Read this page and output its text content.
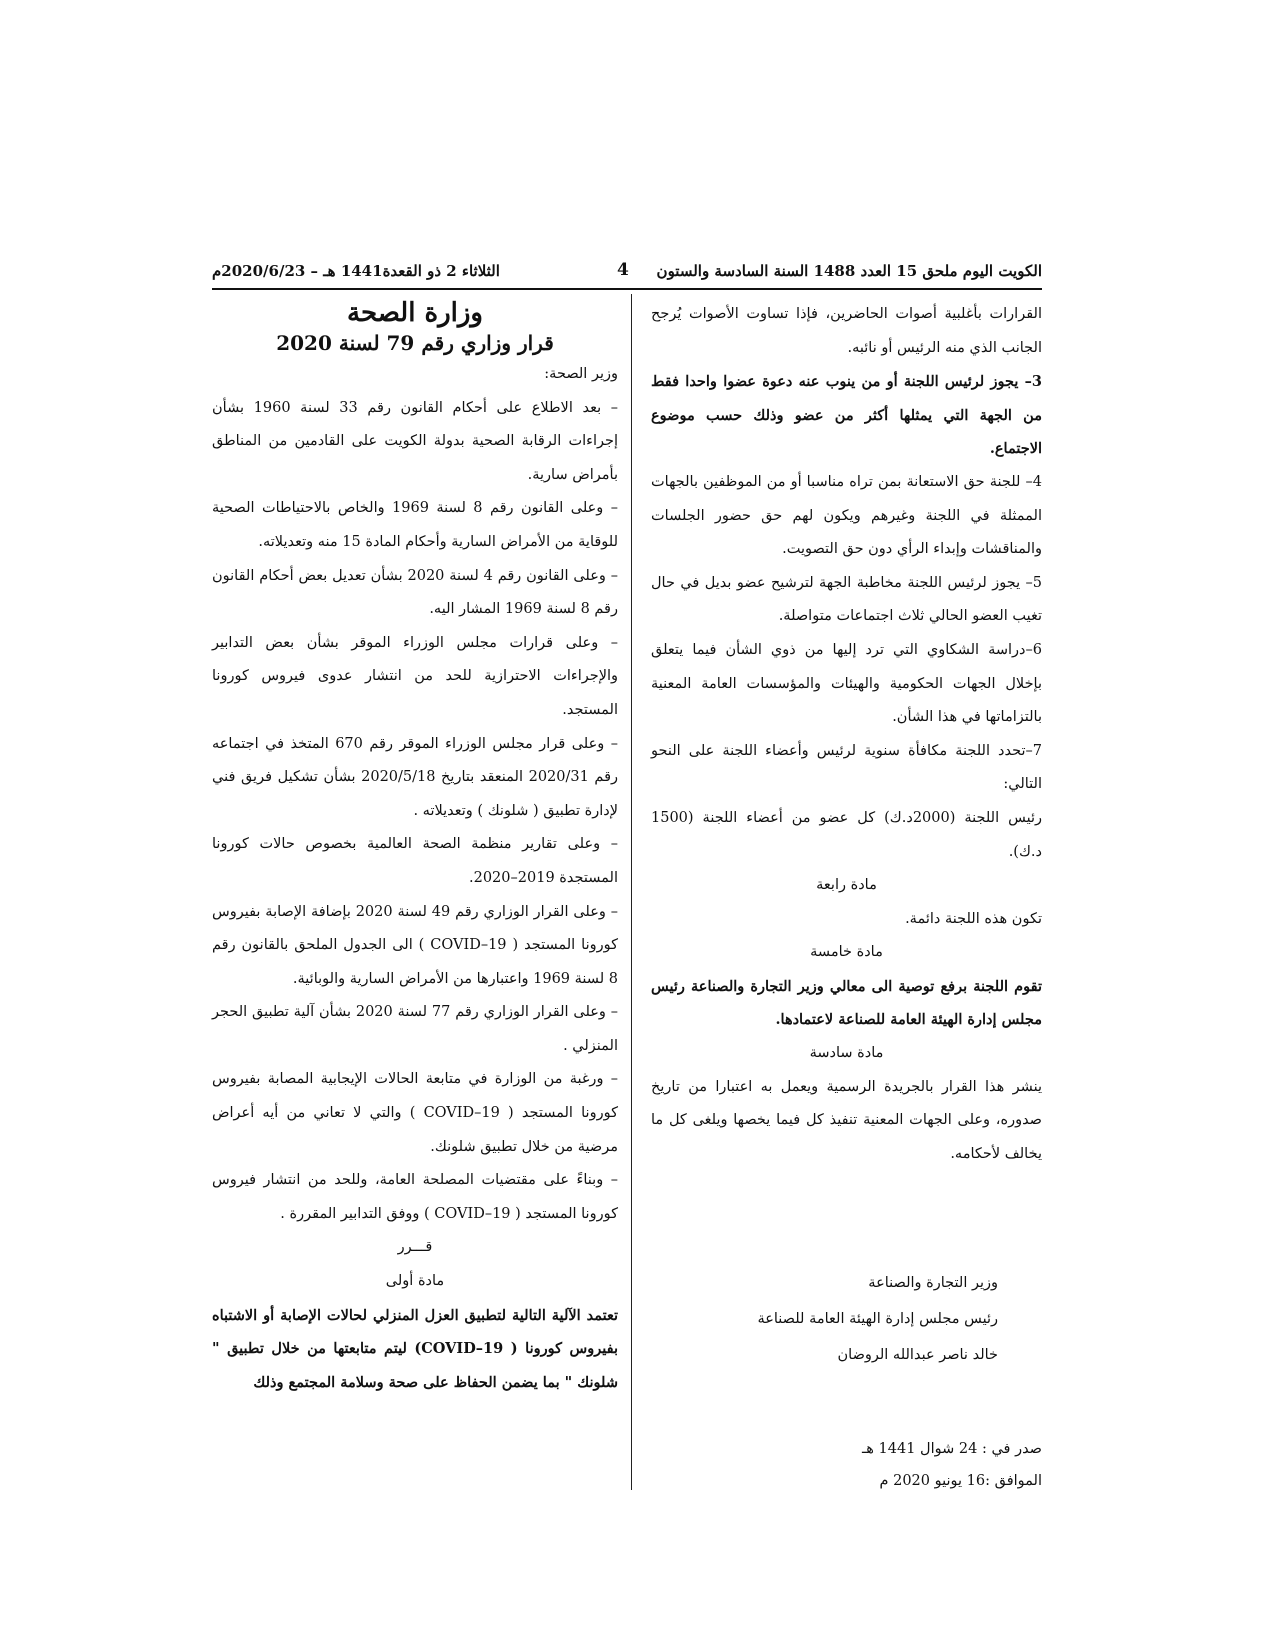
الكويت اليوم ملحق 15 العدد 1488 السنة السادسة والستون
4
الثلاثاء 2 ذو القعدة1441 هـ – 2020/6/23م

القرارات بأغلبية أصوات الحاضرين، فإذا تساوت الأصوات يُرجح الجانب الذي منه الرئيس أو نائبه.

3– يجوز لرئيس اللجنة أو من ينوب عنه دعوة عضوا واحدا فقط من الجهة التي يمثلها أكثر من عضو وذلك حسب موضوع الاجتماع.

4– للجنة حق الاستعانة بمن تراه مناسبا أو من الموظفين بالجهات الممثلة في اللجنة وغيرهم ويكون لهم حق حضور الجلسات والمناقشات وإبداء الرأي دون حق التصويت.

5– يجوز لرئيس اللجنة مخاطبة الجهة لترشيح عضو بديل في حال تغيب العضو الحالي ثلاث اجتماعات متواصلة.

6–دراسة الشكاوي التي ترد إليها من ذوي الشأن فيما يتعلق بإخلال الجهات الحكومية والهيئات والمؤسسات العامة المعنية بالتزاماتها في هذا الشأن.

7–تحدد اللجنة مكافأة سنوية لرئيس وأعضاء اللجنة على النحو التالي:

رئيس اللجنة (2000د.ك) كل عضو من أعضاء اللجنة (1500 د.ك).

مادة رابعة

تكون هذه اللجنة دائمة.

مادة خامسة

تقوم اللجنة برفع توصية الى معالي وزير التجارة والصناعة رئيس مجلس إدارة الهيئة العامة للصناعة لاعتمادها.

مادة سادسة

ينشر هذا القرار بالجريدة الرسمية ويعمل به اعتبارا من تاريخ صدوره، وعلى الجهات المعنية تنفيذ كل فيما يخصها ويلغى كل ما يخالف لأحكامه.

وزير التجارة والصناعة

رئيس مجلس إدارة الهيئة العامة للصناعة

خالد ناصر عبدالله الروضان

صدر في : 24 شوال 1441 هـ

الموافق :16 يونيو 2020 م

وزارة الصحة

قرار وزاري رقم 79 لسنة 2020

وزير الصحة:

– بعد الاطلاع على أحكام القانون رقم 33 لسنة 1960 بشأن إجراءات الرقابة الصحية بدولة الكويت على القادمين من المناطق بأمراض سارية.

– وعلى القانون رقم 8 لسنة 1969 والخاص بالاحتياطات الصحية للوقاية من الأمراض السارية وأحكام المادة 15 منه وتعديلاته.

– وعلى القانون رقم 4 لسنة 2020 بشأن تعديل بعض أحكام القانون رقم 8 لسنة 1969 المشار اليه.

– وعلى قرارات مجلس الوزراء الموقر بشأن بعض التدابير والإجراءات الاحترازية للحد من انتشار عدوى فيروس كورونا المستجد.

– وعلى قرار مجلس الوزراء الموقر رقم 670 المتخذ في اجتماعه رقم 2020/31 المنعقد بتاريخ 2020/5/18 بشأن تشكيل فريق فني لإدارة تطبيق ( شلونك ) وتعديلاته .

– وعلى تقارير منظمة الصحة العالمية بخصوص حالات كورونا المستجدة 2019–2020.

– وعلى القرار الوزاري رقم 49 لسنة 2020 بإضافة الإصابة بفيروس كورونا المستجد ( COVID–19 ) الى الجدول الملحق بالقانون رقم 8 لسنة 1969 واعتبارها من الأمراض السارية والوبائية.

– وعلى القرار الوزاري رقم 77 لسنة 2020 بشأن آلية تطبيق الحجر المنزلي .

– ورغبة من الوزارة في متابعة الحالات الإيجابية المصابة بفيروس كورونا المستجد ( COVID–19 ) والتي لا تعاني من أيه أعراض مرضية من خلال تطبيق شلونك.

– وبناءً على مقتضيات المصلحة العامة، وللحد من انتشار فيروس كورونا المستجد ( COVID–19 ) ووفق التدابير المقررة .

قـــرر

مادة أولى

تعتمد الآلية التالية لتطبيق العزل المنزلي لحالات الإصابة أو الاشتباه بفيروس كورونا ( COVID–19) ليتم متابعتها من خلال تطبيق " شلونك " بما يضمن الحفاظ على صحة وسلامة المجتمع وذلك
